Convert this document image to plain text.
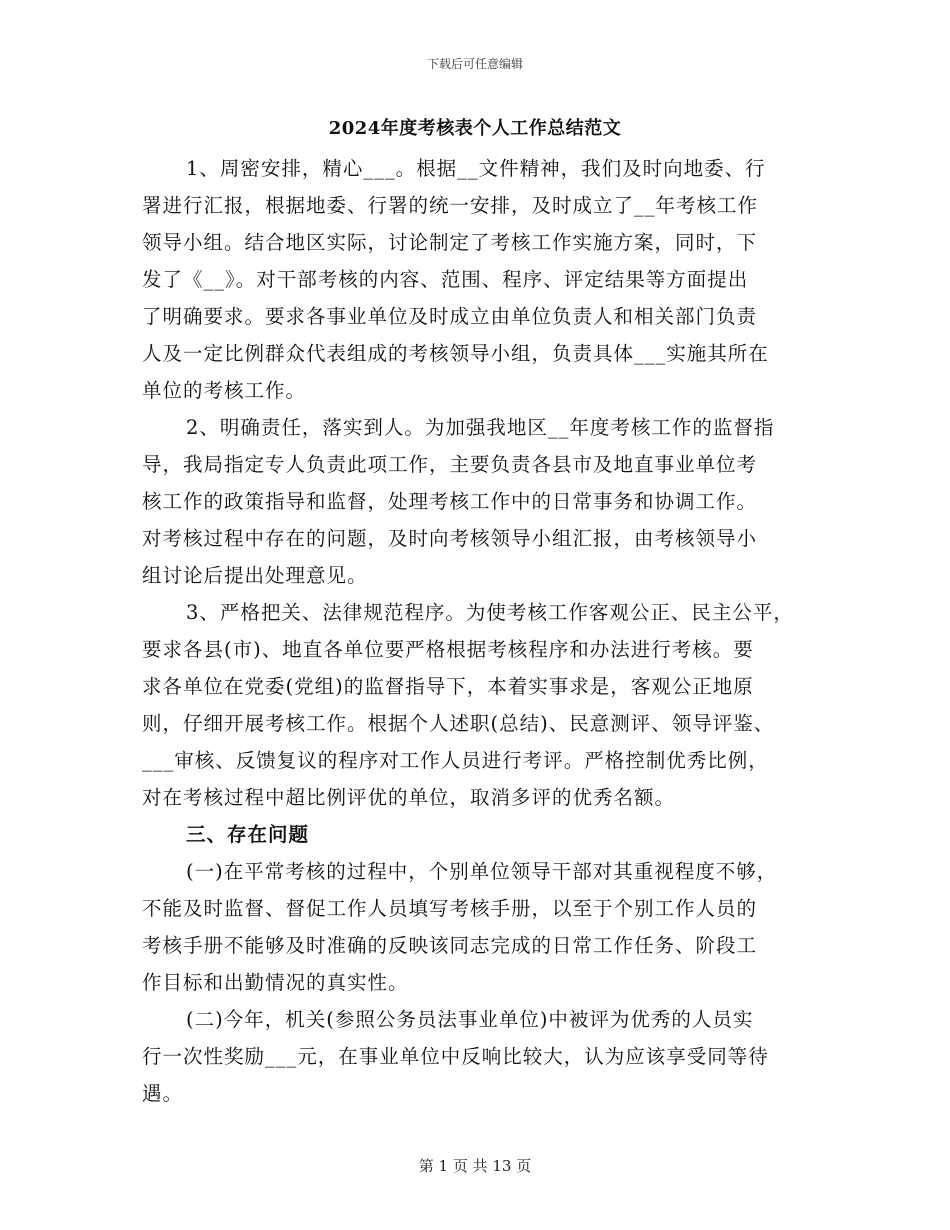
下载后可任意编辑
2024年度考核表个人工作总结范文
1、周密安排，精心___。根据__文件精神，我们及时向地委、行
署进行汇报，根据地委、行署的统一安排，及时成立了__年考核工作
领导小组。结合地区实际，讨论制定了考核工作实施方案，同时，下
发了《__》。对干部考核的内容、范围、程序、评定结果等方面提出
了明确要求。要求各事业单位及时成立由单位负责人和相关部门负责
人及一定比例群众代表组成的考核领导小组，负责具体___实施其所在
单位的考核工作。
2、明确责任，落实到人。为加强我地区__年度考核工作的监督指
导，我局指定专人负责此项工作，主要负责各县市及地直事业单位考
核工作的政策指导和监督，处理考核工作中的日常事务和协调工作。
对考核过程中存在的问题，及时向考核领导小组汇报，由考核领导小
组讨论后提出处理意见。
3、严格把关、法律规范程序。为使考核工作客观公正、民主公平，
要求各县(市)、地直各单位要严格根据考核程序和办法进行考核。要
求各单位在党委(党组)的监督指导下，本着实事求是，客观公正地原
则，仔细开展考核工作。根据个人述职(总结)、民意测评、领导评鉴、
___审核、反馈复议的程序对工作人员进行考评。严格控制优秀比例，
对在考核过程中超比例评优的单位，取消多评的优秀名额。
三、存在问题
(一)在平常考核的过程中，个别单位领导干部对其重视程度不够，
不能及时监督、督促工作人员填写考核手册，以至于个别工作人员的
考核手册不能够及时准确的反映该同志完成的日常工作任务、阶段工
作目标和出勤情况的真实性。
(二)今年，机关(参照公务员法事业单位)中被评为优秀的人员实
行一次性奖励___元，在事业单位中反响比较大，认为应该享受同等待
遇。
第 1 页 共 13 页
